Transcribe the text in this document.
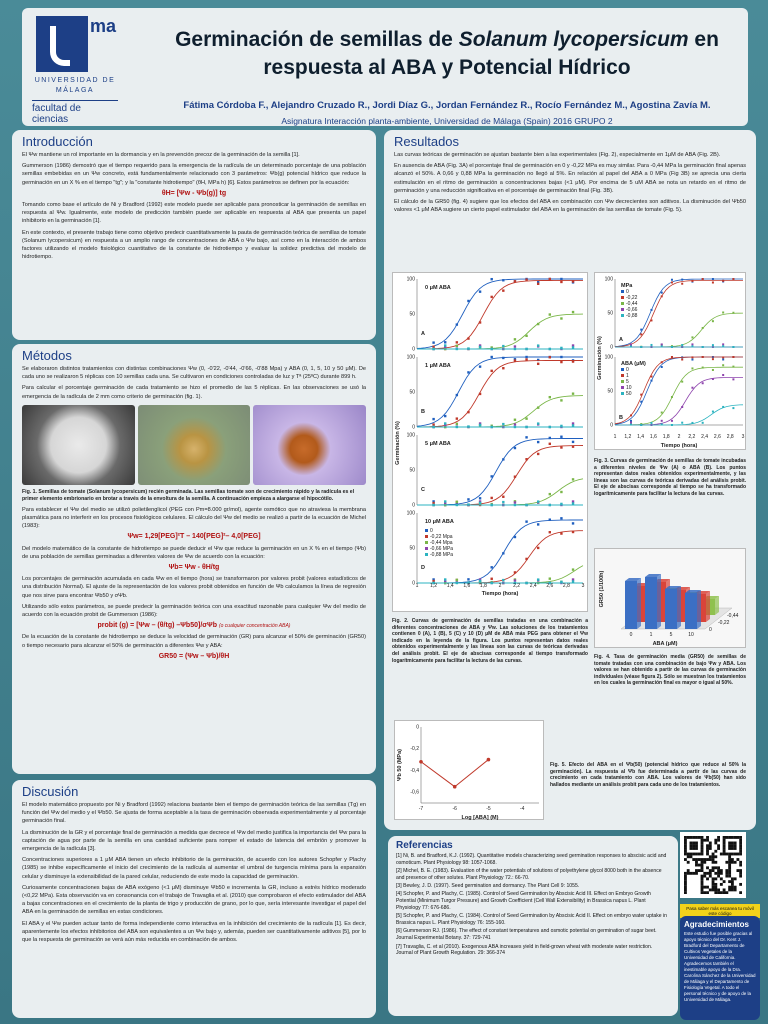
ma
UNIVERSIDAD DE MÁLAGA
facultad de ciencias
Germinación de semillas de Solanum lycopersicum en
respuesta al ABA y Potencial Hídrico
Fátima Córdoba F., Alejandro Cruzado R., Jordi Díaz G., Jordan Fernández R., Rocío Fernández M., Agostina Zavía M.
Asignatura Interacción planta-ambiente, Universidad de Málaga (Spain) 2016 GRUPO 2
Introducción

El Ψw mantiene un rol importante en la dormancia y en la prevención precoz de la germinación de la semilla [1].

Gummerson (1986) demostró que el tiempo requerido para la emergencia de la radícula de un determinado porcentaje de una población semillas embebidas en un Ψw concreto, está fundamentalmente relacionado con 3 parámetros: Ψb(g) potencial hídrico que reduce la germinación en un X % en el tiempo "tg"; y la "constante hidrotiempo" (θH, MPa h) [6]. Estos parámetros se definen por la ecuación:

θH= [Ψw - Ψb(g)] tg

Tomando como base el artículo de Ni y Bradford (1992) este modelo puede ser aplicable para pronosticar la germinación de semillas en respuesta al Ψw. Igualmente, este modelo de predicción también puede ser aplicable en respuesta al ABA que presenta un papel inhibitorio en la germinación [1].

En este contexto, el presente trabajo tiene como objetivo predecir cuantitativamente la pauta de germinación teórica de semillas de tomate (Solanum lycopersicum) en respuesta a un amplio rango de concentraciones de ABA o Ψw bajo, así como en la interacción de ambos factores utilizando el modelo fisiológico cuantitativo de la constante de hidrotiempo y evaluar la solidez predictiva del modelo de hidrotiempo.

Métodos

Se elaboraron distintos tratamientos con distintas combinaciones Ψw (0, -0'22, -0'44, -0'66, -0'88 Mpa) y ABA (0, 1, 5, 10 y 50 μM). De cada uno se realizaron 5 réplicas con 10 semillas cada una. Se cultivaron en condiciones controladas de luz y Tª (25ºC) durante 899 h.

Para calcular el porcentaje germinación de cada tratamiento se hizo el promedio de las 5 réplicas. En las observaciones se usó la emergencia de la radícula de 2 mm como criterio de germinación (fig. 1).

Fig. 1. Semillas de tomate (Solanum lycopersicum) recién germinada. Las semillas tomate son de crecimiento rápido y la radícula es el primer elemento embrionario en brotar a través de la envoltura de la semilla. A continuación empieza a alargarse el hipocótilo.

Para establecer el Ψw del medio se utilizó polietilenglicol (PEG con Pm=8.000 gr/mol), agente osmótico que no atraviesa la membrana plasmática para no interferir en los procesos fisiológicos celulares. El cálculo del Ψw del medio se realizó a partir de la ecuación de Michel (1983):

Ψw= 1,29[PEG]²T – 140[PEG]²– 4,0[PEG]

Del modelo matemático de la constante de hidrotiempo se puede deducir el Ψw que reduce la germinación en un X % en el tiempo (Ψb) de una población de semillas germinadas a diferentes valores de Ψw de acuerdo con la ecuación:

Ψb= Ψw - θH/tg

Los porcentajes de germinación acumulada en cada Ψw en el tiempo (hora) se transformaron por valores probit (valores estadísticos de una distribución Normal). El ajuste de la representación de los valores probit obtenidos en función de Ψb calculamos la línea de regresión que nos sirve para encontrar Ψb50 y σΨb.

Utilizando sólo estos parámetros, se puede predecir la germinación teórica con una exactitud razonable para cualquier Ψw del medio de acuerdo con la ecuación probit de Gummerson (1986):

probit (g) = [Ψw – (θ/tg) –Ψb50]/σΨb (o cualquier concentración ABA)

De la ecuación de la constante de hidrotiempo se deduce la velocidad de germinación (GR) para alcanzar el 50% de germinación (GR50) o tiempo necesario para alcanzar el 50% de germinación a diferentes Ψw y ABA:

GR50 = (Ψw – Ψb)/θH
Discusión

El modelo matemático propuesto por Ni y Bradford (1992) relaciona bastante bien el tiempo de germinación teórica de las semillas (Tg) en función del Ψw del medio y el Ψb50. Se ajusta de forma aceptable a la tasa de germinación observada experimentalmente y al porcentaje germinación final.

La disminución de la GR y el porcentaje final de germinación a medida que decrece el Ψw del medio justifica la importancia del Ψw para la captación de agua por parte de la semilla en una cantidad suficiente para romper el estado de latencia del embrión y promover la emergencia de la radícula [3].

Concentraciones superiores a 1 μM ABA tienen un efecto inhibitorio de la germinación, de acuerdo con los autores Schopfer y Plachy (1985) se inhibe específicamente el inicio del crecimiento de la radícula al aumentar el umbral de turgencia mínima para la expansión celular y disminuye la extensibilidad de la pared celular, reduciendo de este modo la capacidad de germinación.

Curiosamente concentraciones bajas de ABA exógeno (<1 μM) disminuye Ψb50 e incrementa la GR, incluso a estrés hídrico moderado (<0,22 MPa). Esta observación va en consonancia con el trabajo de Travaglia et al. (2010) que comprobaron el efecto estimulador del ABA a bajas concentraciones en el crecimiento de la planta de trigo y producción de grano, por lo que, sería interesante investigar el papel del ABA en la germinación de semillas en estas condiciones.

El ABA y el Ψw pueden actuar tanto de forma independiente como interactiva en la inhibición del crecimiento de la radícula [1]. Es decir, aparentemente los efectos inhibitorios del ABA son equivalentes a un Ψw bajo y, además, pueden ser cuantitativamente aditivos [5], por lo que la respuesta de germinación se verá aún más reducida en combinación de ambos.

Resultados

Las curvas teóricas de germinación se ajustan bastante bien a las experimentales (Fig. 2), especialmente en 1μM de ABA (Fig. 2B).

En ausencia de ABA (Fig. 3A) el porcentaje final de germinación en 0 y -0,22 MPa es muy similar. Para -0,44 MPa la germinación final apenas alcanzó el 50%. A 0,66 y 0,88 MPa la germinación no llegó al 5%. En relación al papel del ABA a 0 MPa (Fig 3B) se aprecia una cierta estimulación en el ritmo de germinación a concentraciones bajas (<1 μM). Por encima de 5 uM ABA se nota un retardo en el ritmo de germinación y una reducción significativa en el porcentaje de germinación final (Fig. 3B).

El cálculo de la GR50 (fig. 4) sugiere que los efectos del ABA en combinación con Ψw decrecientes son aditivos. La disminución del Ψb50 valores <1 μM ABA sugiere un cierto papel estimulador del ABA en la germinación de las semillas de tomate (Fig. 5).

0
50
100
0 μM ABA
A
0
50
100
1 μM ABA
B
0
50
100
5 μM ABA
C
0
50
100
10 μM ABA
D
0
-0,22 Mpa
-0,44 Mpa
-0,66 MPa
-0,88 MPa
1 1,2 1,4 1,6 1,8 2 2,2 2,4 2,6 2,8 3
Tiempo (hora)
Germinación (%)
Fig. 2. Curvas de germinación de semillas tratadas en una combinación a diferentes concentraciones de ABA y Ψw. Las soluciones de los tratamientos contienen 0 (A), 1 (B), 5 (C) y 10 (D) μM de ABA más PEG para obtener el Ψw indicado en la leyenda de la figura. Los puntos representan datos reales obtenidos experimentalmente y las líneas son las curvas de teóricas derivadas del análisis probit. El eje de abscisas corresponde al tiempo transformado logarítmicamente para facilitar la lectura de las curvas.
0
50
100
A
MPa
0
-0,22
-0,44
-0,66
-0,88
0
50
100
B
ABA (μM)
0
1
5
10
50
1 1,2 1,4 1,6 1,8 2 2,2 2,4 2,6 2,8 3
Tiempo (hora)
Germinación (%)
Fig. 3. Curvas de germinación de semillas de tomate incubadas a diferentes niveles de Ψw (A) o ABA (B). Los puntos representan datos reales obtenidos experimentalmente, y las líneas son las curvas de teóricas derivadas del análisis probit. El eje de abscisas corresponde al tiempo se ha transformado logarítmicamente para facilitar la lectura de las curvas.
0	1	5	10
0
-0,22
-0,44
ABA (μM)
GR50 (1/100h)
Fig. 4. Tasa de germinación media (GR50) de semillas de tomate tratadas con una combinación de bajo Ψw y ABA. Los valores se han obtenido a partir de las curvas de germinación individuales (véase figura 2). Sólo se muestran los tratamientos en los cuales la germinación final es mayor o igual al 50%.
-7	-6	-5	-4
0
-0,2
-0,4
-0,6
Log [ABA] (M)
Ψb 50 (MPa)	Fig. 5. Efecto del ABA en el Ψb(50) (potencial hídrico que reduce al 50% la germinación). La respuesta al Ψb fue determinada a partir de las curvas de crecimiento en cada tratamiento con ABA. Los valores de Ψb(50) han sido hallados mediante un análisis probit para cada uno de los tratamientos.
Referencias
[1] Ni, B. and Bradford, K.J. (1992). Quantitative models characterizing seed germination responses to abscisic acid and osmoticum. Plant Physiology 98: 1057-1068.
[2] Michel, B. E. (1983). Evaluation of the water potentials of solutions of polyethylene glycol 8000 both in the absence and presence of other solutes. Plant Physiology 72.: 66-70.
[3] Bewley, J. D. (1997). Seed germination and dormancy. The Plant Cell 9: 1055.
[4] Schopfer, P. and Plachy, C. (1985). Control of Seed Germination by Abscisic Acid III. Effect on Embryo Growth Potential (Minimum Turgor Pressure) and Growth Coefficient (Cell Wall Extensibility) in Brassica napus L. Plant Physiology 77: 676-686.
[5] Schopfer, P. and Plachy, C. (1984). Control of Seed Germination by Abscisic Acid II. Effect on embryo water uptake in Brassica napus L. Plant Physiology 76: 155-160.
[6] Gummerson RJ. (1986). The effect of constant temperatures and osmotic potential on germination of sugar beet. Journal Experimental Botany. 37: 729-741
[7] Travaglia, C. et al (2010). Exogenous ABA increases yield in field-grown wheat with moderate water restriction. Journal of Plant Growth Regulation. 29: 366-374
Pasa saber más escanea tu móvil este código
Agradecimientos

Este estudio fue posible gracias al apoyo técnico del Dr. Kent J. Bradford del Departamento de Cultivos Vegetales de la Universidad de California. Agradecemos también el inestimable apoyo de la Dra. Carolina Sánchez de la Universidad de Málaga y el Departamento de Fisiología Vegetal. A todo el personal técnico y de apoyo de la Universidad de Málaga.
